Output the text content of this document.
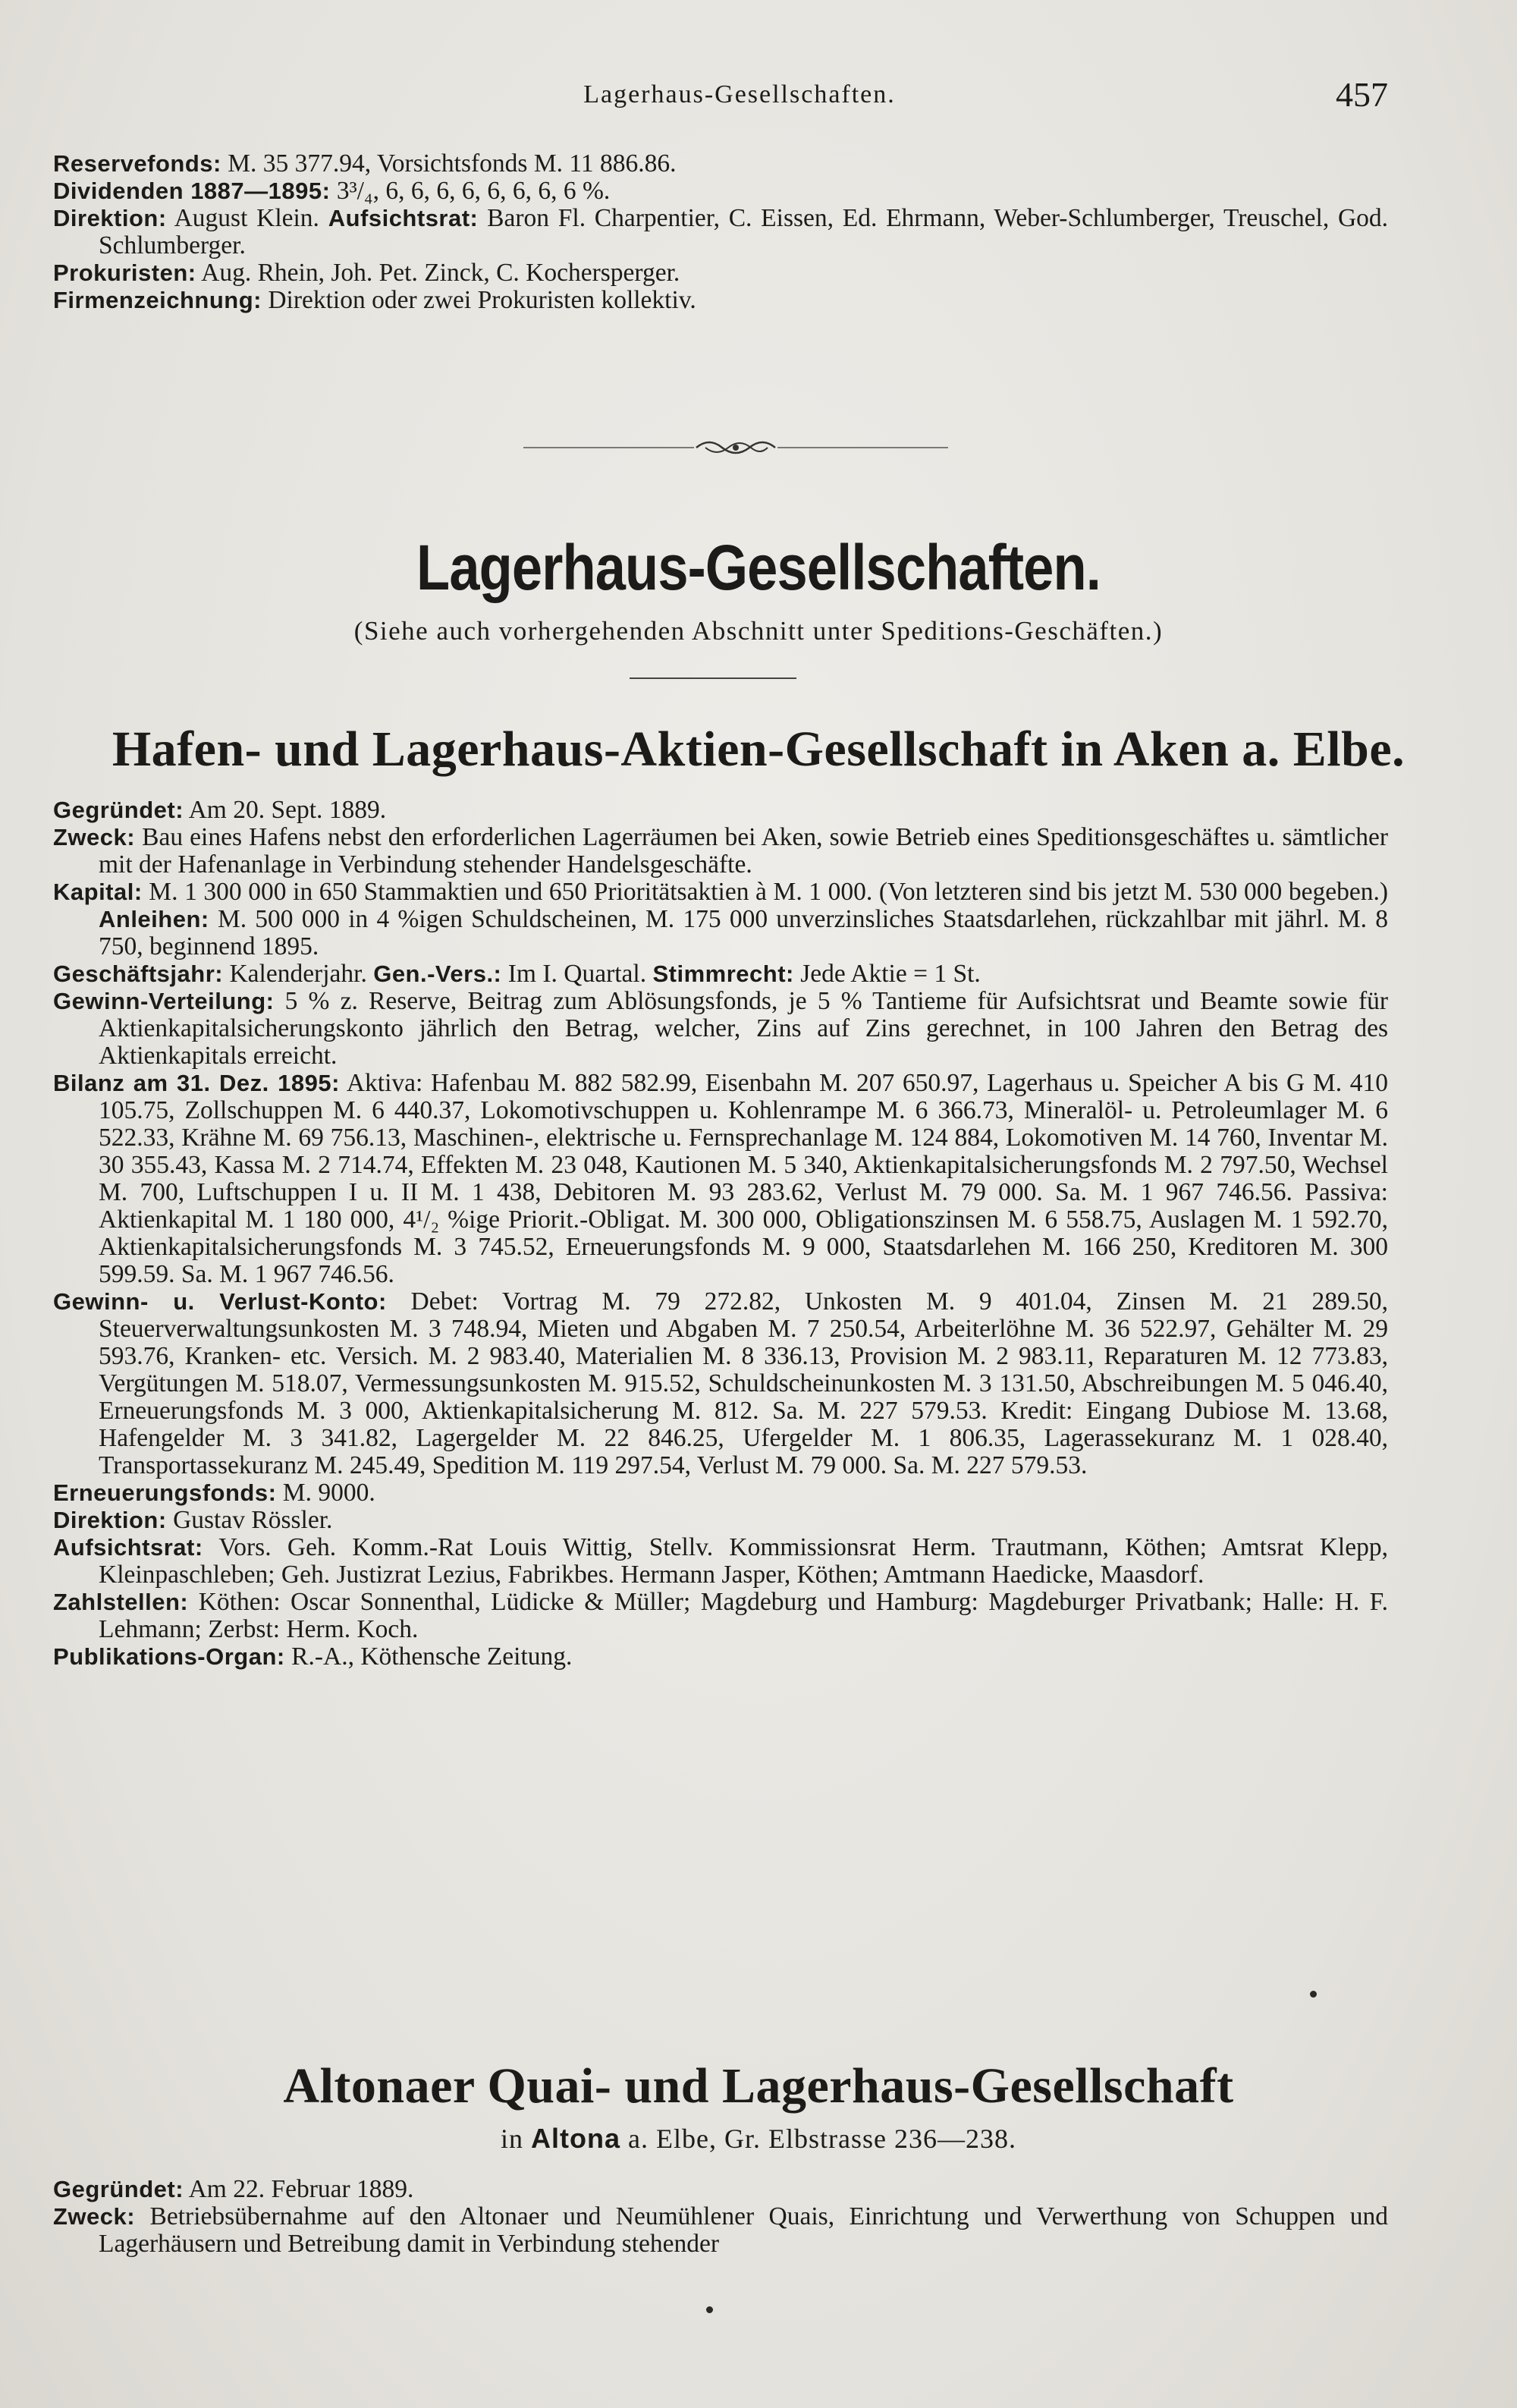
Lagerhaus-Gesellschaften.	457

Reservefonds: M. 35 377.94, Vorsichtsfonds M. 11 886.86.

Dividenden 1887—1895: 3³/₄, 6, 6, 6, 6, 6, 6, 6, 6 %.

Direktion: August Klein. Aufsichtsrat: Baron Fl. Charpentier, C. Eissen, Ed. Ehrmann, Weber-Schlumberger, Treuschel, God. Schlumberger.

Prokuristen: Aug. Rhein, Joh. Pet. Zinck, C. Kochersperger.

Firmenzeichnung: Direktion oder zwei Prokuristen kollektiv.

Lagerhaus-Gesellschaften.
(Siehe auch vorhergehenden Abschnitt unter Speditions-Geschäften.)
Hafen- und Lagerhaus-Aktien-Gesellschaft in Aken a. Elbe.

Gegründet: Am 20. Sept. 1889.

Zweck: Bau eines Hafens nebst den erforderlichen Lagerräumen bei Aken, sowie Betrieb eines Speditionsgeschäftes u. sämtlicher mit der Hafenanlage in Verbindung stehender Handelsgeschäfte.

Kapital: M. 1 300 000 in 650 Stammaktien und 650 Prioritätsaktien à M. 1 000. (Von letzteren sind bis jetzt M. 530 000 begeben.) Anleihen: M. 500 000 in 4 %igen Schuldscheinen, M. 175 000 unverzinsliches Staatsdarlehen, rückzahlbar mit jährl. M. 8 750, beginnend 1895.

Geschäftsjahr: Kalenderjahr. Gen.-Vers.: Im I. Quartal. Stimmrecht: Jede Aktie = 1 St.

Gewinn-Verteilung: 5 % z. Reserve, Beitrag zum Ablösungsfonds, je 5 % Tantieme für Aufsichtsrat und Beamte sowie für Aktienkapitalsicherungskonto jährlich den Betrag, welcher, Zins auf Zins gerechnet, in 100 Jahren den Betrag des Aktienkapitals erreicht.

Bilanz am 31. Dez. 1895: Aktiva: Hafenbau M. 882 582.99, Eisenbahn M. 207 650.97, Lagerhaus u. Speicher A bis G M. 410 105.75, Zollschuppen M. 6 440.37, Lokomotivschuppen u. Kohlenrampe M. 6 366.73, Mineralöl- u. Petroleumlager M. 6 522.33, Krähne M. 69 756.13, Maschinen-, elektrische u. Fernsprechanlage M. 124 884, Lokomotiven M. 14 760, Inventar M. 30 355.43, Kassa M. 2 714.74, Effekten M. 23 048, Kautionen M. 5 340, Aktienkapitalsicherungsfonds M. 2 797.50, Wechsel M. 700, Luftschuppen I u. II M. 1 438, Debitoren M. 93 283.62, Verlust M. 79 000. Sa. M. 1 967 746.56. Passiva: Aktienkapital M. 1 180 000, 4¹/₂ %ige Priorit.-Obligat. M. 300 000, Obligationszinsen M. 6 558.75, Auslagen M. 1 592.70, Aktienkapitalsicherungsfonds M. 3 745.52, Erneuerungsfonds M. 9 000, Staatsdarlehen M. 166 250, Kreditoren M. 300 599.59. Sa. M. 1 967 746.56.

Gewinn- u. Verlust-Konto: Debet: Vortrag M. 79 272.82, Unkosten M. 9 401.04, Zinsen M. 21 289.50, Steuerverwaltungsunkosten M. 3 748.94, Mieten und Abgaben M. 7 250.54, Arbeiterlöhne M. 36 522.97, Gehälter M. 29 593.76, Kranken- etc. Versich. M. 2 983.40, Materialien M. 8 336.13, Provision M. 2 983.11, Reparaturen M. 12 773.83, Vergütungen M. 518.07, Vermessungsunkosten M. 915.52, Schuldscheinunkosten M. 3 131.50, Abschreibungen M. 5 046.40, Erneuerungsfonds M. 3 000, Aktienkapitalsicherung M. 812. Sa. M. 227 579.53. Kredit: Eingang Dubiose M. 13.68, Hafengelder M. 3 341.82, Lagergelder M. 22 846.25, Ufergelder M. 1 806.35, Lagerassekuranz M. 1 028.40, Transportassekuranz M. 245.49, Spedition M. 119 297.54, Verlust M. 79 000. Sa. M. 227 579.53.

Erneuerungsfonds: M. 9000.

Direktion: Gustav Rössler.

Aufsichtsrat: Vors. Geh. Komm.-Rat Louis Wittig, Stellv. Kommissionsrat Herm. Trautmann, Köthen; Amtsrat Klepp, Kleinpaschleben; Geh. Justizrat Lezius, Fabrikbes. Hermann Jasper, Köthen; Amtmann Haedicke, Maasdorf.

Zahlstellen: Köthen: Oscar Sonnenthal, Lüdicke & Müller; Magdeburg und Hamburg: Magdeburger Privatbank; Halle: H. F. Lehmann; Zerbst: Herm. Koch.

Publikations-Organ: R.-A., Köthensche Zeitung.

Altonaer Quai- und Lagerhaus-Gesellschaft
in Altona a. Elbe, Gr. Elbstrasse 236—238.

Gegründet: Am 22. Februar 1889.

Zweck: Betriebsübernahme auf den Altonaer und Neumühlener Quais, Einrichtung und Verwerthung von Schuppen und Lagerhäusern und Betreibung damit in Verbindung stehender
